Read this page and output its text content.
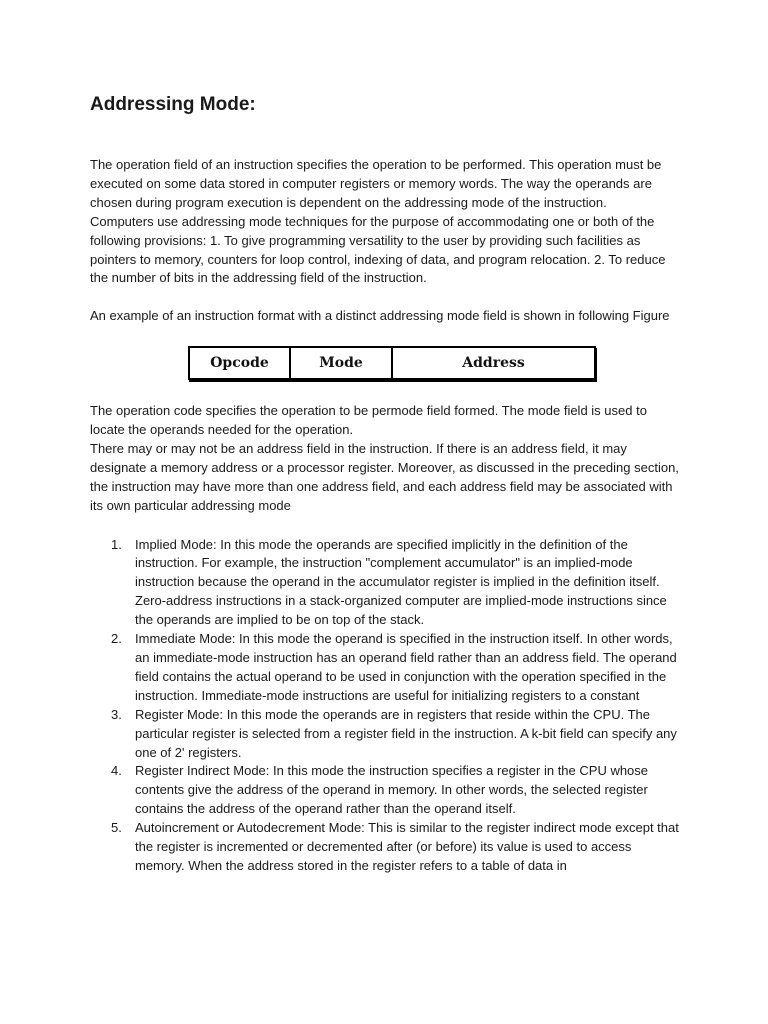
Addressing Mode:

The operation field of an instruction specifies the operation to be performed. This operation must be executed on some data stored in computer registers or memory words. The way the operands are chosen during program execution is dependent on the addressing mode of the instruction.

Computers use addressing mode techniques for the purpose of accommodating one or both of the following provisions: 1. To give programming versatility to the user by providing such facilities as pointers to memory, counters for loop control, indexing of data, and program relocation. 2. To reduce the number of bits in the addressing field of the instruction.

An example of an instruction format with a distinct addressing mode field is shown in following Figure

Opcode	Mode	Address

The operation code specifies the operation to be permode field formed. The mode field is used to locate the operands needed for the operation.

There may or may not be an address field in the instruction. If there is an address field, it may designate a memory address or a processor register. Moreover, as discussed in the preceding section, the instruction may have more than one address field, and each address field may be associated with its own particular addressing mode

1. Implied Mode: In this mode the operands are specified implicitly in the definition of the instruction. For example, the instruction "complement accumulator" is an implied-mode instruction because the operand in the accumulator register is implied in the definition itself. Zero-address instructions in a stack-organized computer are implied-mode instructions since the operands are implied to be on top of the stack.
2. Immediate Mode: In this mode the operand is specified in the instruction itself. In other words, an immediate-mode instruction has an operand field rather than an address field. The operand field contains the actual operand to be used in conjunction with the operation specified in the instruction. Immediate-mode instructions are useful for initializing registers to a constant
3. Register Mode: In this mode the operands are in registers that reside within the CPU. The particular register is selected from a register field in the instruction. A k-bit field can specify any one of 2' registers.
4. Register Indirect Mode: In this mode the instruction specifies a register in the CPU whose contents give the address of the operand in memory. In other words, the selected register contains the address of the operand rather than the operand itself.
5. Autoincrement or Autodecrement Mode: This is similar to the register indirect mode except that the register is incremented or decremented after (or before) its value is used to access memory. When the address stored in the register refers to a table of data in
